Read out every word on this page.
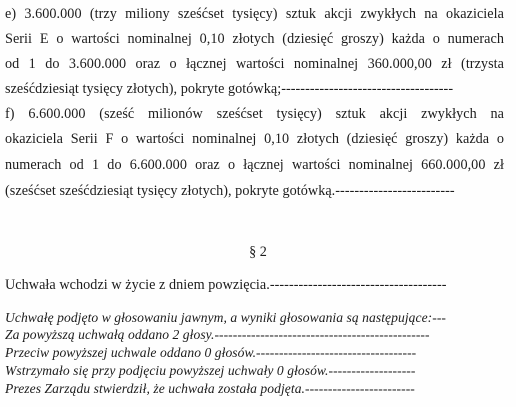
e) 3.600.000 (trzy miliony sześćset tysięcy) sztuk akcji zwykłych na okaziciela
Serii E o wartości nominalnej 0,10 złotych (dziesięć groszy) każda o numerach
od 1 do 3.600.000 oraz o łącznej wartości nominalnej 360.000,00 zł (trzysta
sześćdziesiąt tysięcy złotych), pokryte gotówką;------------------------------------
f) 6.600.000 (sześć milionów sześćset tysięcy) sztuk akcji zwykłych na
okaziciela Serii F o wartości nominalnej 0,10 złotych (dziesięć groszy) każda o
numerach od 1 do 6.600.000 oraz o łącznej wartości nominalnej 660.000,00 zł
(sześćset sześćdziesiąt tysięcy złotych), pokryte gotówką.-------------------------
§ 2
Uchwała wchodzi w życie z dniem powzięcia.-------------------------------------
Uchwałę podjęto w głosowaniu jawnym, a wyniki głosowania są następujące:---
Za powyższą uchwałą oddano 2 głosy.-----------------------------------------------
Przeciw powyższej uchwale oddano 0 głosów.-----------------------------------
Wstrzymało się przy podjęciu powyższej uchwały 0 głosów.-------------------
Prezes Zarządu stwierdził, że uchwała została podjęta.------------------------
